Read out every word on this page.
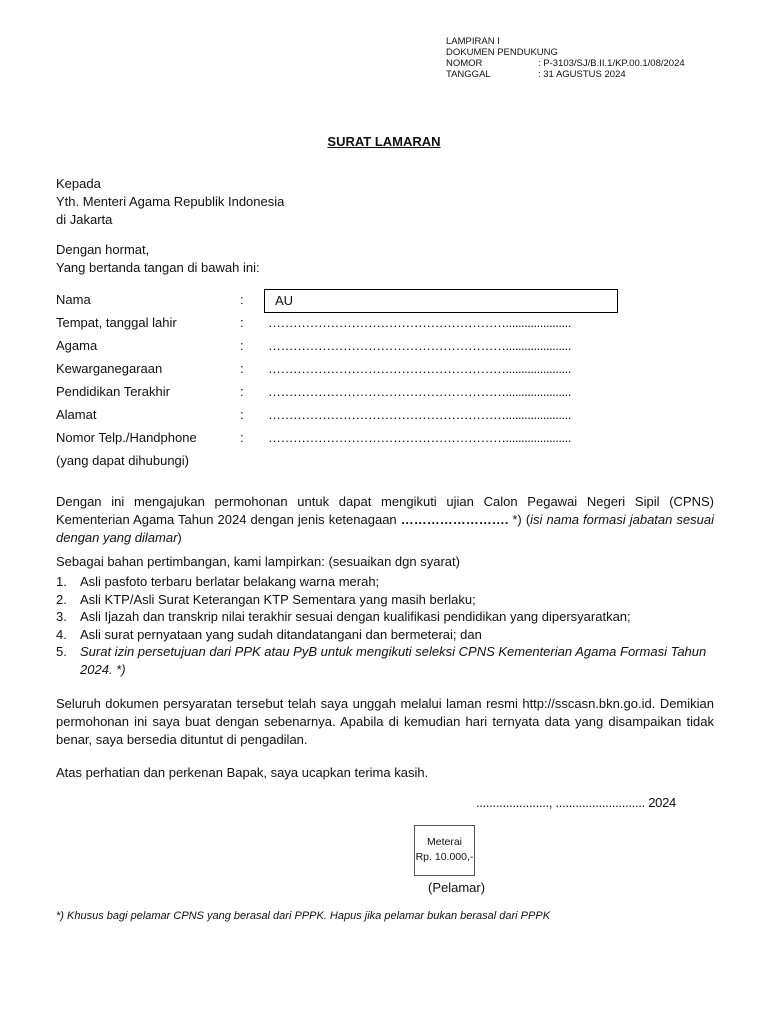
LAMPIRAN I
DOKUMEN PENDUKUNG
NOMOR	: P-3103/SJ/B.II.1/KP.00.1/08/2024
TANGGAL	: 31 AGUSTUS 2024
SURAT LAMARAN
Kepada
Yth. Menteri Agama Republik Indonesia
di Jakarta
Dengan hormat,
Yang bertanda tangan di bawah ini:
Nama	:	AU
Tempat, tanggal lahir	: ………………………………………………….....................
Agama	: ………………………………………………….....................
Kewarganegaraan	: ………………………………………………….....................
Pendidikan Terakhir	: ………………………………………………….....................
Alamat	: ………………………………………………….....................
Nomor Telp./Handphone	: ………………………………………………….....................
(yang dapat dihubungi)
Dengan ini mengajukan permohonan untuk dapat mengikuti ujian Calon Pegawai Negeri Sipil (CPNS) Kementerian Agama Tahun 2024 dengan jenis ketenagaan ……………………. *) (isi nama formasi jabatan sesuai dengan yang dilamar)
Sebagai bahan pertimbangan, kami lampirkan: (sesuaikan dgn syarat)
1.	Asli pasfoto terbaru berlatar belakang warna merah;
2.	Asli KTP/Asli Surat Keterangan KTP Sementara yang masih berlaku;
3.	Asli Ijazah dan transkrip nilai terakhir sesuai dengan kualifikasi pendidikan yang dipersyaratkan;
4.	Asli surat pernyataan yang sudah ditandatangani dan bermeterai; dan
5.	Surat izin persetujuan dari PPK atau PyB untuk mengikuti seleksi CPNS Kementerian Agama Formasi Tahun 2024. *)
Seluruh dokumen persyaratan tersebut telah saya unggah melalui laman resmi http://sscasn.bkn.go.id. Demikian permohonan ini saya buat dengan sebenarnya. Apabila di kemudian hari ternyata data yang disampaikan tidak benar, saya bersedia dituntut di pengadilan.
Atas perhatian dan perkenan Bapak, saya ucapkan terima kasih.
......................, ........................... 2024
Meterai
Rp. 10.000,-
(Pelamar)
*) Khusus bagi pelamar CPNS yang berasal dari PPPK. Hapus jika pelamar bukan berasal dari PPPK
